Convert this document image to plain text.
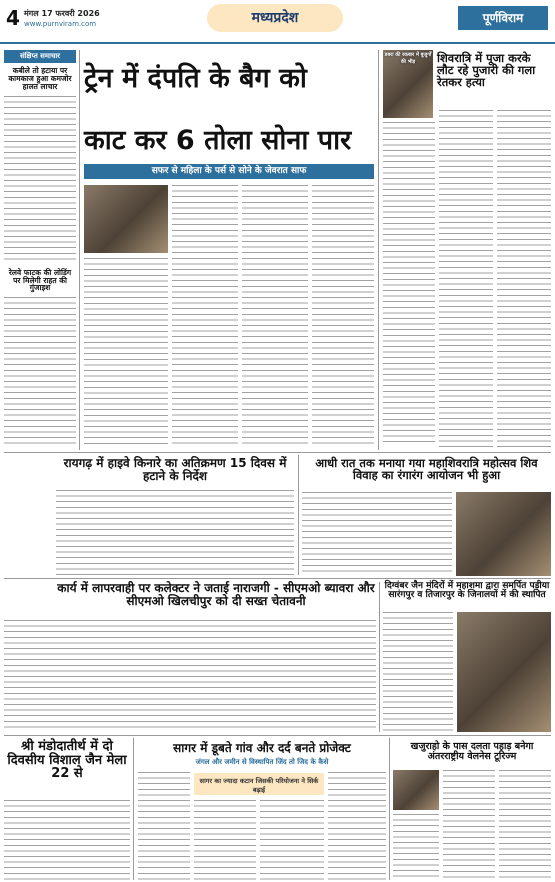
4 मंगल 17 फरवरी 2026
www.purnviram.com	मध्यप्रदेश	पूर्णविराम
संक्षिप्त समाचार
कबीले तो हटाया पर कामकाज हुआ कमजोर हालत लाचार
रेलवे फाटक की लोडिंग पर मिलेगी राहत की गुंजाइश
ट्रेन में दंपति के बैग को
काट कर 6 तोला सोना पार
सफर से महिला के पर्स से सोने के जेवरात साफ
डबरा की रकबार में बुजुर्गों की भीड़	शिवरात्रि में पूजा करके लौट रहे पुजारी की गला रेतकर हत्या
रायगढ़ में हाइवे किनारे का अतिक्रमण 15 दिवस में हटाने के निर्देश
आधी रात तक मनाया गया महाशिवरात्रि महोत्सव शिव विवाह का रंगारंग आयोजन भी हुआ
कार्य में लापरवाही पर कलेक्टर ने जताई नाराजगी - सीएमओ ब्यावरा और सीएमओ खिलचीपुर को दी सख्त चेतावनी
दिग्वंबर जैन मंदिरों में महाशमा द्वारा समर्पित पड़ीया सारंगपुर व तिजारपुर के जिनालयों में की स्थापित
श्री मंडोदातीर्थ में दो दिवसीय विशाल जैन मेला 22 से
सागर में डूबते गांव और दर्द बनते प्रोजेक्ट
जंगल और जमीन से विस्थापित जिंद तो जिद के कैसे
सागर का ज्यादा कटान जिसकी परियोजना ने सिर्क बढ़ाई
खजुराहो के पास दलता पहाड़ बनेगा अंतरराष्ट्रीय वेलनेस टूरिज्म
